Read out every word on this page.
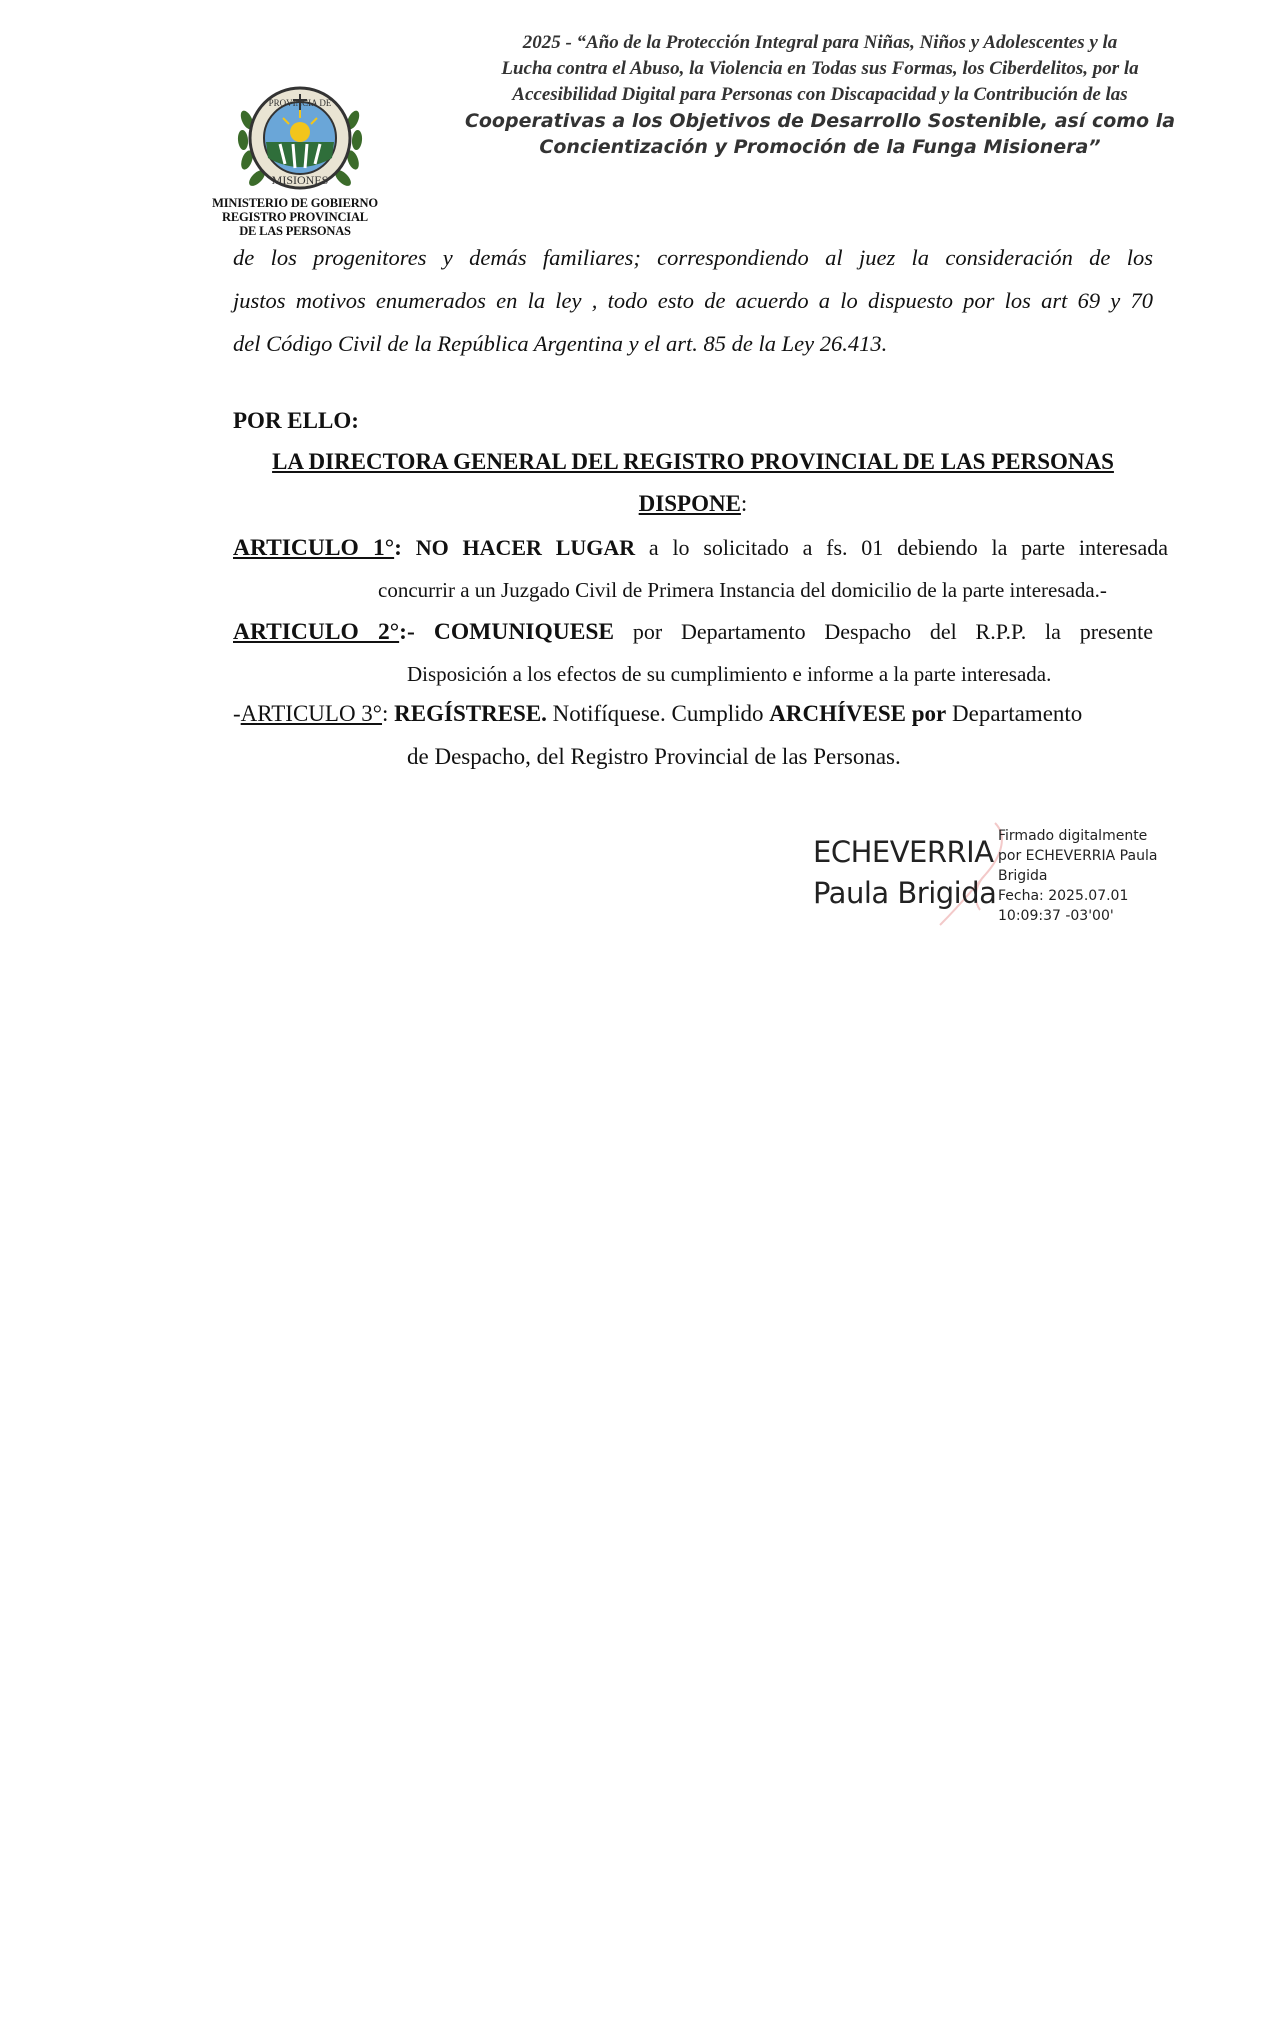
PROVINCIA DE
MISIONES
MINISTERIO DE GOBIERNO
REGISTRO PROVINCIAL
DE LAS PERSONAS
2025 - “Año de la Protección Integral para Niñas, Niños y Adolescentes y la
Lucha contra el Abuso, la Violencia en Todas sus Formas, los Ciberdelitos, por la
Accesibilidad Digital para Personas con Discapacidad y la Contribución de las
Cooperativas a los Objetivos de Desarrollo Sostenible, así como la
Concientización y Promoción de la Funga Misionera”
de los progenitores y demás familiares; correspondiendo al juez la consideración de los
justos motivos enumerados en la ley , todo esto de acuerdo a lo dispuesto por los art 69 y 70
del Código Civil de la República Argentina y el art. 85 de la Ley 26.413.
POR ELLO:
LA DIRECTORA GENERAL DEL REGISTRO PROVINCIAL DE LAS PERSONAS
DISPONE:
ARTICULO 1°: NO HACER LUGAR a lo solicitado a fs. 01 debiendo la parte interesada
concurrir a un Juzgado Civil de Primera Instancia del domicilio de la parte interesada.-
ARTICULO 2°:- COMUNIQUESE por Departamento Despacho del R.P.P. la presente
Disposición a los efectos de su cumplimiento e informe a la parte interesada.
-ARTICULO 3°: REGÍSTRESE. Notifíquese. Cumplido ARCHÍVESE por Departamento
de Despacho, del Registro Provincial de las Personas.
ECHEVERRIA
Paula Brigida
Firmado digitalmente
por ECHEVERRIA Paula
Brigida
Fecha: 2025.07.01
10:09:37 -03'00'
